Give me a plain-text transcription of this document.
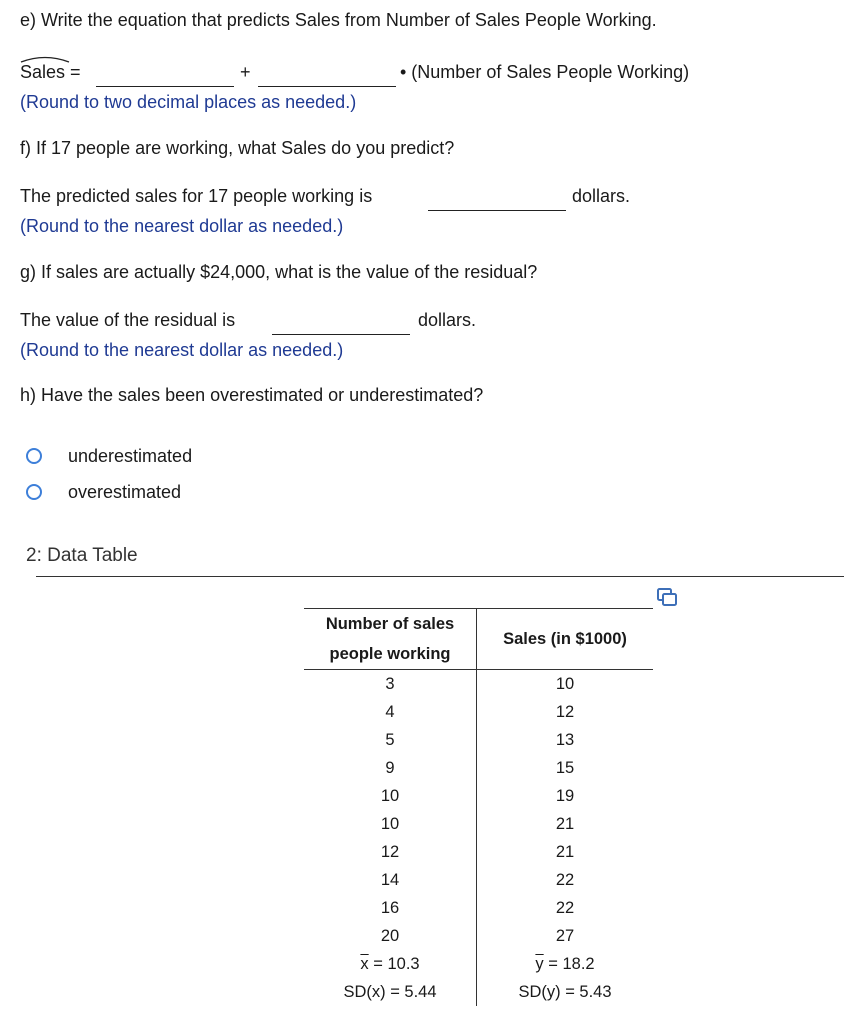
e) Write the equation that predicts Sales from Number of Sales People Working.
Sales =	+	• (Number of Sales People Working)
(Round to two decimal places as needed.)
f) If 17 people are working, what Sales do you predict?
The predicted sales for 17 people working is	dollars.
(Round to the nearest dollar as needed.)
g) If sales are actually $24,000, what is the value of the residual?
The value of the residual is	dollars.
(Round to the nearest dollar as needed.)
h) Have the sales been overestimated or underestimated?
underestimated
overestimated
2: Data Table
Number of sales
people working	Sales (in $1000)
3	10
4	12
5	13
9	15
10	19
10	21
12	21
14	22
16	22
20	27
$\overline{x} = 10.3$	$\overline{y} = 18.2$
SD(x) = 5.44	SD(y) = 5.43
